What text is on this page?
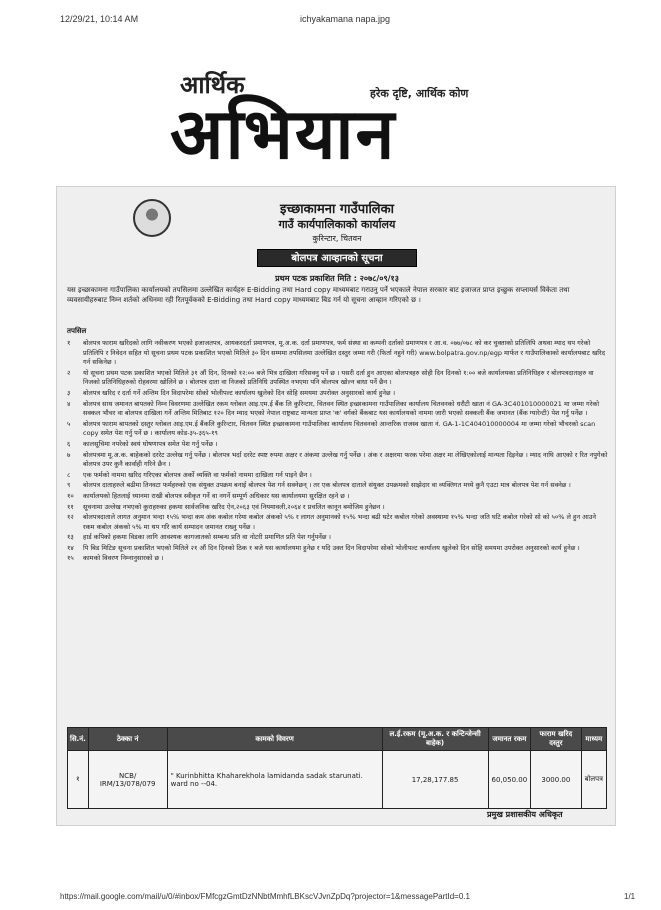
12/29/21, 10:14 AM	ichyakamana napa.jpg
आर्थिक	हरेक दृष्टि, आर्थिक कोण
अभियान
इच्छाकामना गाउँपालिका
गाउँ कार्यपालिकाको कार्यालय
कुरिन्टार, चितवन
बोलपत्र आव्हानको सूचना
प्रथम पटक प्रकाशित मिति : २०७८/०९/१३

यस इच्छाकामना गाउँपालिका कार्यालयको तपसिलमा उल्लेखित कार्यहरु E-Bidding तथा Hard copy माध्यमबाट गराउनु पर्ने भएकाले नेपाल सरकार बाट इजाजत प्राप्त इच्छुक सप्लायर्स विकेता तथा व्यवसायीहरुबाट निम्न शर्तको अधिनमा रही रितपूर्वकको E-Bidding तथा Hard copy माध्यमबाट बिड गर्न यो सूचना आव्हान गरिएको छ ।

तपसिल
१	बोलपत्र फाराम खरिदको लागि नवीकरण भएको इजाजतपत्र, आयकरदर्ता प्रमाणपत्र, मू.अ.क. दर्ता प्रमाणपत्र, फर्म संस्था वा कम्पनी दर्ताको प्रमाणपत्र र आ.व. ०७७/०७८ को कर चुक्ताको प्रतिलिपि अथवा म्याद थप गरेको प्रतिलिपि र निवेदन सहित यो सूचना प्रथम पटक प्रकाशित भएको मितिले ३० दिन सम्ममा तपसिलमा उल्लेखित दस्तुर जम्मा गरी (फिर्ता नहुने गरी) www.bolpatra.gov.np/egp मार्फत र गाउँपालिकाको कार्यालयबाट खरिद गर्न सकिनेछ ।
२	यो सूचना प्रथम पटक प्रकाशित भएको मितिले ३१ औं दिन, दिनको १२:०० बजे भित्र दाखिला गरिसक्नु पर्ने छ । यसरी दर्ता हुन आएका बोलपत्रहरु सोही दिन दिनको १:०० बजे कार्यालयका प्रतिनिधिहरु र बोलपत्रदाताहरु वा निजको प्रतिनिधिहरुको रोहवरमा खोलिने छ । बोलपत्र दाता वा निजको प्रतिनिधि उपस्थित नभएमा पनि बोलपत्र खोल्न बाधा पर्ने छैन ।
३	बोलपत्र खरिद र दर्ता गर्ने अन्तिम दिन विदापरेमा सोको भोलीपल्ट कार्यालय खुलेको दिन सोहि समयमा उपरोक्त अनुसारको कार्य हुनेछ ।
४	बोलपत्र साथ जमानत बापतको निम्न विवरणमा उल्लेखित रकम ग्लोबल आइ.एम.ई बैंक लि कुरिन्टार, चितवन स्थित इच्छाकामना गाउँपालिका कार्यालय चितवनको धरौटी खाता नं GA-3C401010000021 मा जम्मा गरेको सक्कल भौचर वा बोलपत्र दाखिला गर्ने अन्तिम मितिबाट १२० दिन म्याद भएको नेपाल राष्ट्रबाट मान्यता प्राप्त 'क' वर्गको बैंकबाट यस कार्यालयको नाममा जारी भएको सक्कली बैंक जमानत (बैंक ग्यारेन्टी) पेश गर्नु पर्नेछ ।
५	बोलपत्र फाराम बापतको दस्तुर ग्लोबल आइ.एम.ई बैंकलि कुरिन्टार, चितवन स्थित इच्छाकामना गाउँपालिका कार्यालय चितवनको आन्तरिक राजस्व खाता नं. GA-1-1C404010000004 मा जम्मा गरेको भौचरको scan copy समेत पेश गर्नु पर्ने छ । कार्यालय कोड-३५-३६५-१९
६	कालसूचिमा नपरेको स्वयं घोषणापत्र समेत पेश गर्नु पर्नेछ ।
७	बोलपत्रमा मू.अ.क. बाहेकको दररेट उल्लेख गर्नु पर्नेछ । बोलपत्र भर्दा दररेट स्पष्ट रुपमा अक्षर र अंकमा उल्लेख गर्नु पर्नेछ । अंक र अक्षरमा फरक परेमा अक्षर मा लेखिएकोलाई मान्यता दिइनेछ । म्याद नाघि आएको र रित नपुगेको बोलपत्र उपर कुनै कार्वाही गरिने छैन ।
८	एक फर्मको नाममा खरिद गरिएका बोलपत्र अर्को व्यक्ति वा फर्मको नाममा दाखिला गर्न पाइने छैन ।
९	बोलपत्र दाताहरुले बढीमा तिनवटा फर्महरुको एक संयुक्त उपक्रम बनाई बोलपत्र पेश गर्न सक्नेछन् । तर एक बोलपत्र दाताले संयुक्त उपक्रमको साझेदार वा व्यक्तिगत मध्ये कुनै एउटा मात्र बोलपत्र पेश गर्न सक्नेछ ।
१०	कार्यालयको हितलाई ध्यानमा राखी बोलपत्र स्वीकृत गर्ने वा नगर्ने सम्पूर्ण अधिकार यस कार्यालयमा सुरक्षित रहने छ ।
११	सूचनामा उल्लेख नभएको कुराहरुका हकमा सार्वजनिक खरिद ऐन,२०६३ एवं नियमावली,२०६४ र प्रचलित कानून बमोजिम हुनेछन ।
१२	बोलपत्रदाताले लागत अनुमान भन्दा १५% भन्दा कम अंक कबोल गरेमा कबोल अंकको ५% र लागत अनुमानको १५% भन्दा बढी घटेर कबोल गरेको अवस्थामा १५% भन्दा जति घटि कबोल गरेको सो को ५०% ले हुन आउने रकम कबोल अंकको ५% मा थप गरि कार्य सम्पादन जमानत राख्नु पर्नेछ ।
१३	हार्ड कपिको हकमा विडका लागि आवश्यक कागजातको सम्बन्ध प्रति वा नोटरी प्रमाणित प्रति पेश गर्नुपर्नेछ ।
१४	पि बिड मिटिङ सूचना प्रकाशित भएको मितिले २१ औं दिन दिनको ठिक १ बजे यस कार्यालयमा हुनेछ र यदि उक्त दिन विदापरेमा सोको भोलीपल्ट कार्यालय खुलेको दिन सोहि समयमा उपरोक्त अनुसारको कार्य हुनेछ ।
१५	कामको विवरण निम्नानुसारको छ ।
सि.नं.	ठेक्का नं	कामको विवरण	ल.ई.रकम (मू.अ.क. र कन्टिन्जेन्सी बाहेक)	जमानत रकम	फाराम खरिद दस्तुर	माध्यम
१	NCB/ IRM/13/078/079	" Kurinbhitta Khaharekhola lamidanda sadak starunati. ward no --04.	17,28,177.85	60,050.00	3000.00	बोलपत्र
प्रमुख प्रशासकीय अधिकृत
https://mail.google.com/mail/u/0/#inbox/FMfcgzGmtDzNNbtMmhfLBKscVJvnZpDq?projector=1&messagePartId=0.1	1/1
